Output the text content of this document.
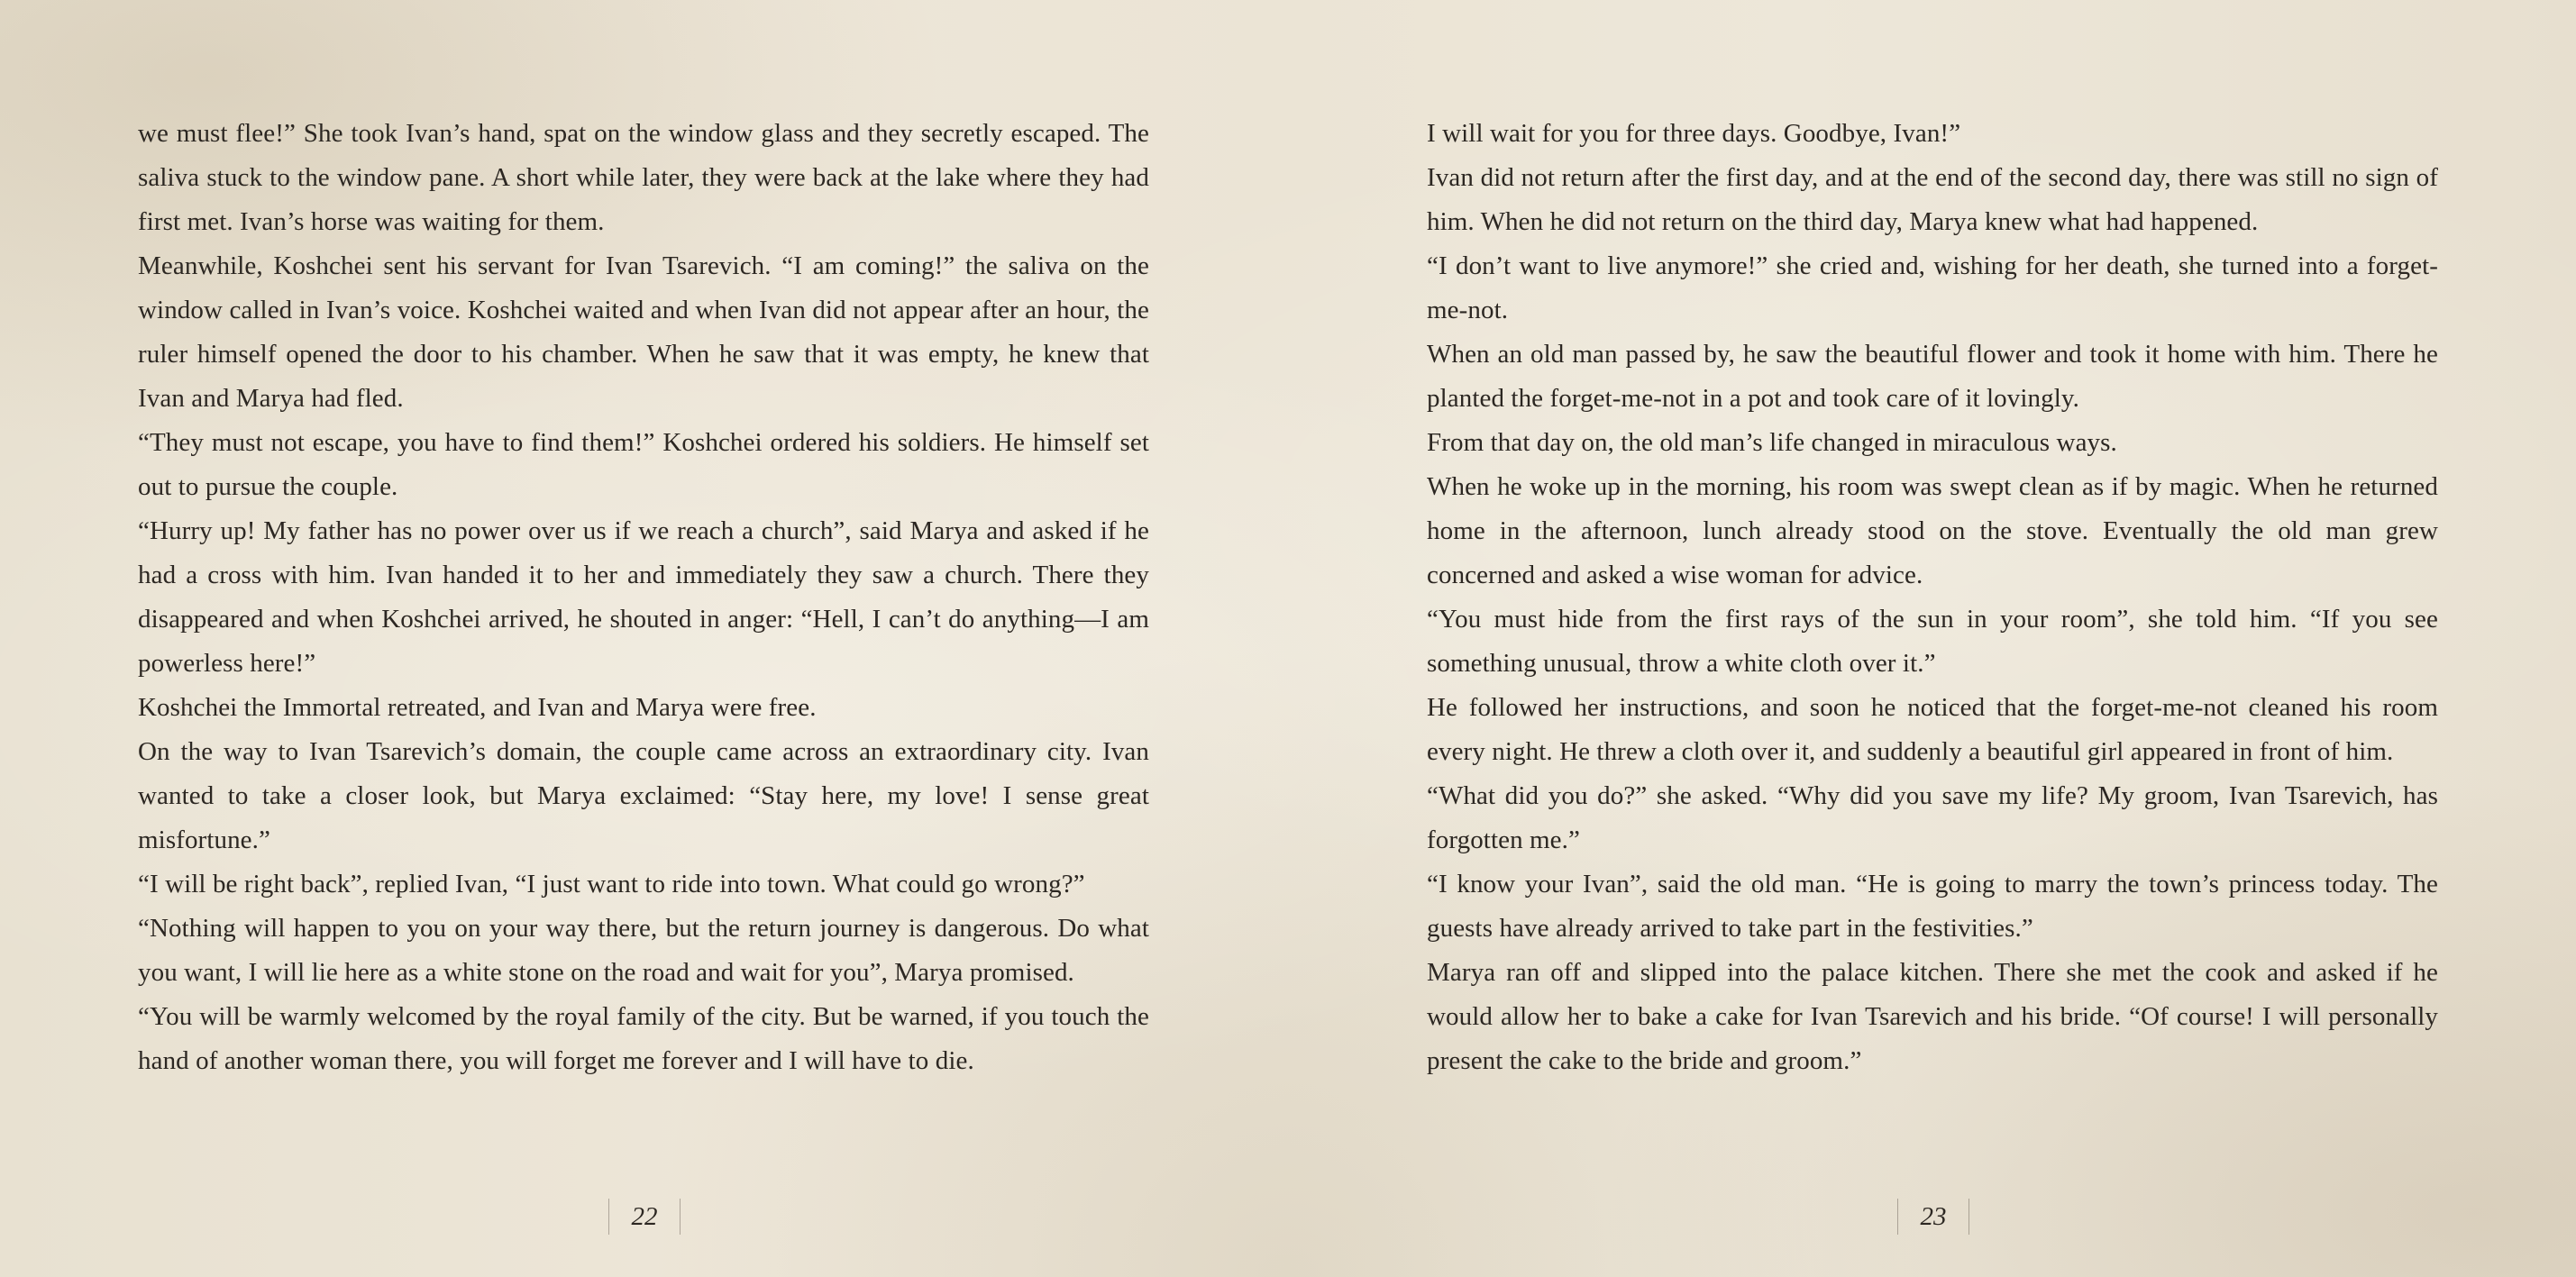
we must flee!” She took Ivan’s hand, spat on the window glass and they secretly escaped. The saliva stuck to the window pane. A short while later, they were back at the lake where they had first met. Ivan’s horse was waiting for them.

Meanwhile, Koshchei sent his servant for Ivan Tsarevich. “I am coming!” the saliva on the window called in Ivan’s voice. Koshchei waited and when Ivan did not appear after an hour, the ruler himself opened the door to his chamber. When he saw that it was empty, he knew that Ivan and Marya had fled.

“They must not escape, you have to find them!” Koshchei ordered his soldiers. He himself set out to pursue the couple.

“Hurry up! My father has no power over us if we reach a church”, said Marya and asked if he had a cross with him. Ivan handed it to her and immediately they saw a church. There they disappeared and when Koshchei arrived, he shouted in anger: “Hell, I can’t do anything—I am powerless here!”

Koshchei the Immortal retreated, and Ivan and Marya were free.

On the way to Ivan Tsarevich’s domain, the couple came across an extraordinary city. Ivan wanted to take a closer look, but Marya exclaimed: “Stay here, my love! I sense great misfortune.”

“I will be right back”, replied Ivan, “I just want to ride into town. What could go wrong?”

“Nothing will happen to you on your way there, but the return journey is dangerous. Do what you want, I will lie here as a white stone on the road and wait for you”, Marya promised.

“You will be warmly welcomed by the royal family of the city. But be warned, if you touch the hand of another woman there, you will forget me forever and I will have to die.

I will wait for you for three days. Goodbye, Ivan!”

Ivan did not return after the first day, and at the end of the second day, there was still no sign of him. When he did not return on the third day, Marya knew what had happened.

“I don’t want to live anymore!” she cried and, wishing for her death, she turned into a forget-me-not.

When an old man passed by, he saw the beautiful flower and took it home with him. There he planted the forget-me-not in a pot and took care of it lovingly.

From that day on, the old man’s life changed in miraculous ways.

When he woke up in the morning, his room was swept clean as if by magic. When he returned home in the afternoon, lunch already stood on the stove. Eventually the old man grew concerned and asked a wise woman for advice.

“You must hide from the first rays of the sun in your room”, she told him. “If you see something unusual, throw a white cloth over it.”

He followed her instructions, and soon he noticed that the forget-me-not cleaned his room every night. He threw a cloth over it, and suddenly a beautiful girl appeared in front of him.

“What did you do?” she asked. “Why did you save my life? My groom, Ivan Tsarevich, has forgotten me.”

“I know your Ivan”, said the old man. “He is going to marry the town’s princess today. The guests have already arrived to take part in the festivities.”

Marya ran off and slipped into the palace kitchen. There she met the cook and asked if he would allow her to bake a cake for Ivan Tsarevich and his bride. “Of course! I will personally present the cake to the bride and groom.”

22	23
